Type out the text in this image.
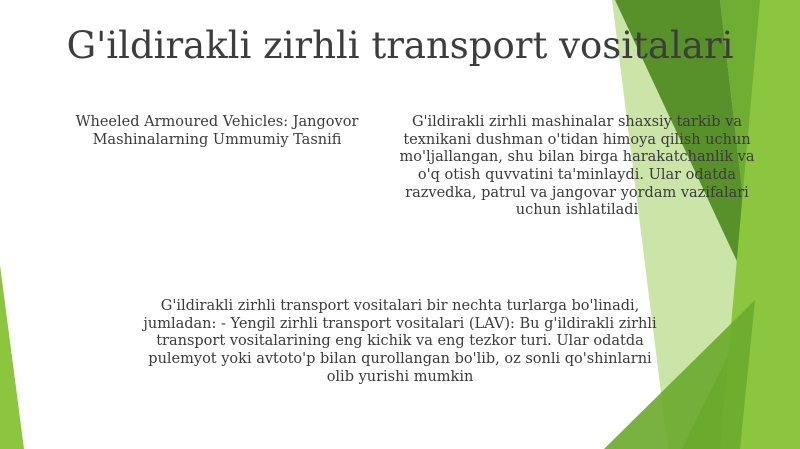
G'ildirakli zirhli transport vositalari

Wheeled Armoured Vehicles: Jangovor Mashinalarning Ummumiy Tasnifi

G'ildirakli zirhli mashinalar shaxsiy tarkib va texnikani dushman o'tidan himoya qilish uchun mo'ljallangan, shu bilan birga harakatchanlik va o'q otish quvvatini ta'minlaydi. Ular odatda razvedka, patrul va jangovar yordam vazifalari uchun ishlatiladi

G'ildirakli zirhli transport vositalari bir nechta turlarga bo'linadi, jumladan: - Yengil zirhli transport vositalari (LAV): Bu g'ildirakli zirhli transport vositalarining eng kichik va eng tezkor turi. Ular odatda pulemyot yoki avtoto'p bilan qurollangan bo'lib, oz sonli qo'shinlarni olib yurishi mumkin
